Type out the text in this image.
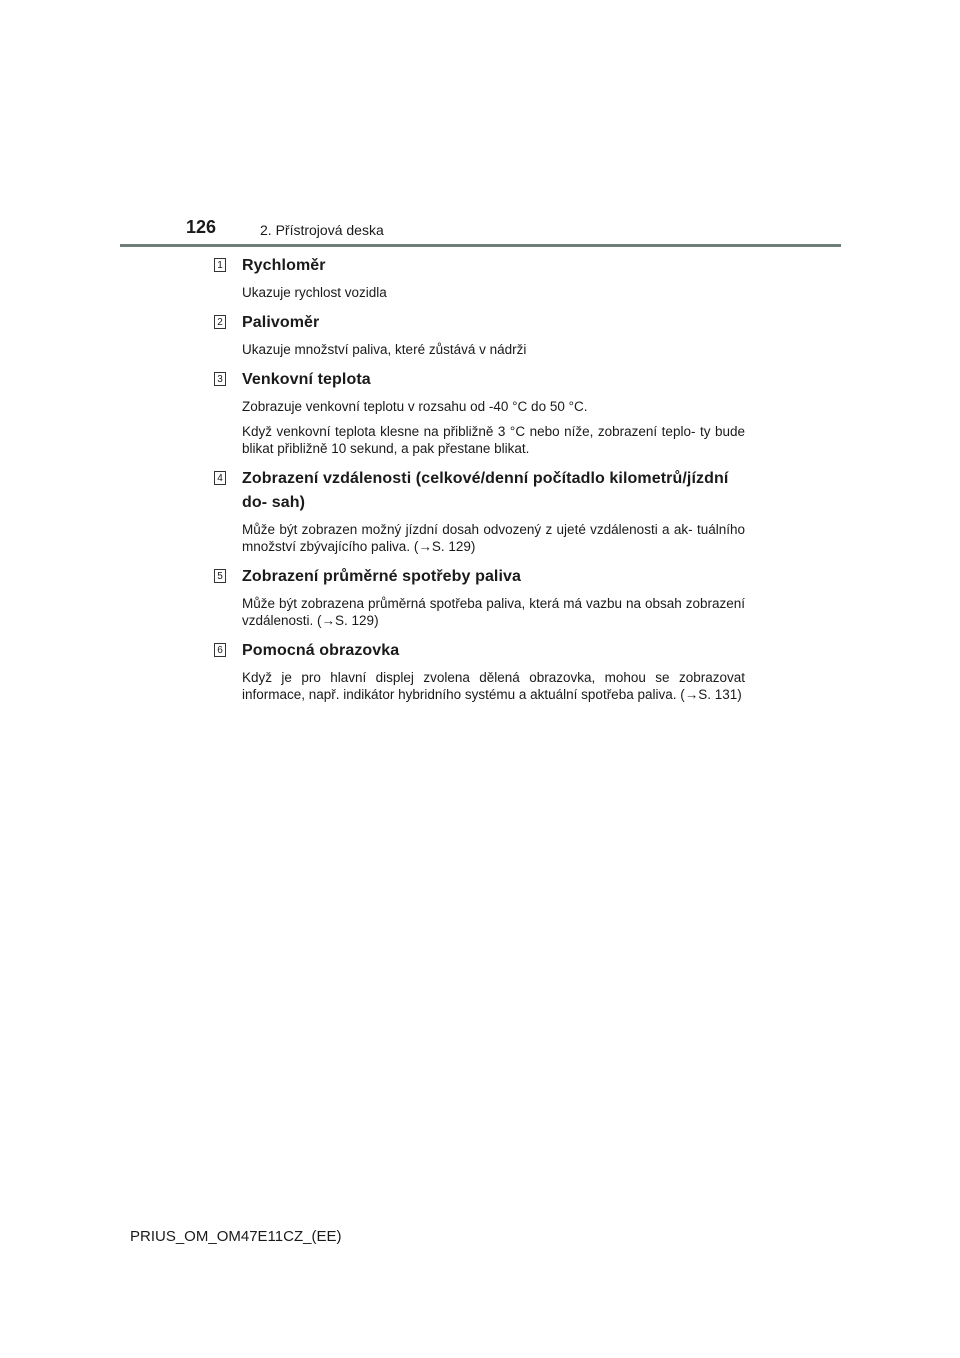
126	2. Přístrojová deska
1 Rychloměr

Ukazuje rychlost vozidla

2 Palivoměr

Ukazuje množství paliva, které zůstává v nádrži

3 Venkovní teplota

Zobrazuje venkovní teplotu v rozsahu od -40 °C do 50 °C.

Když venkovní teplota klesne na přibližně 3 °C nebo níže, zobrazení teplo- ty bude blikat přibližně 10 sekund, a pak přestane blikat.

4 Zobrazení vzdálenosti (celkové/denní počítadlo kilometrů/jízdní do- sah)

Může být zobrazen možný jízdní dosah odvozený z ujeté vzdálenosti a ak- tuálního množství zbývajícího paliva. (→S. 129)

5 Zobrazení průměrné spotřeby paliva

Může být zobrazena průměrná spotřeba paliva, která má vazbu na obsah zobrazení vzdálenosti. (→S. 129)

6 Pomocná obrazovka

Když je pro hlavní displej zvolena dělená obrazovka, mohou se zobrazovat informace, např. indikátor hybridního systému a aktuální spotřeba paliva. (→S. 131)

PRIUS_OM_OM47E11CZ_(EE)
